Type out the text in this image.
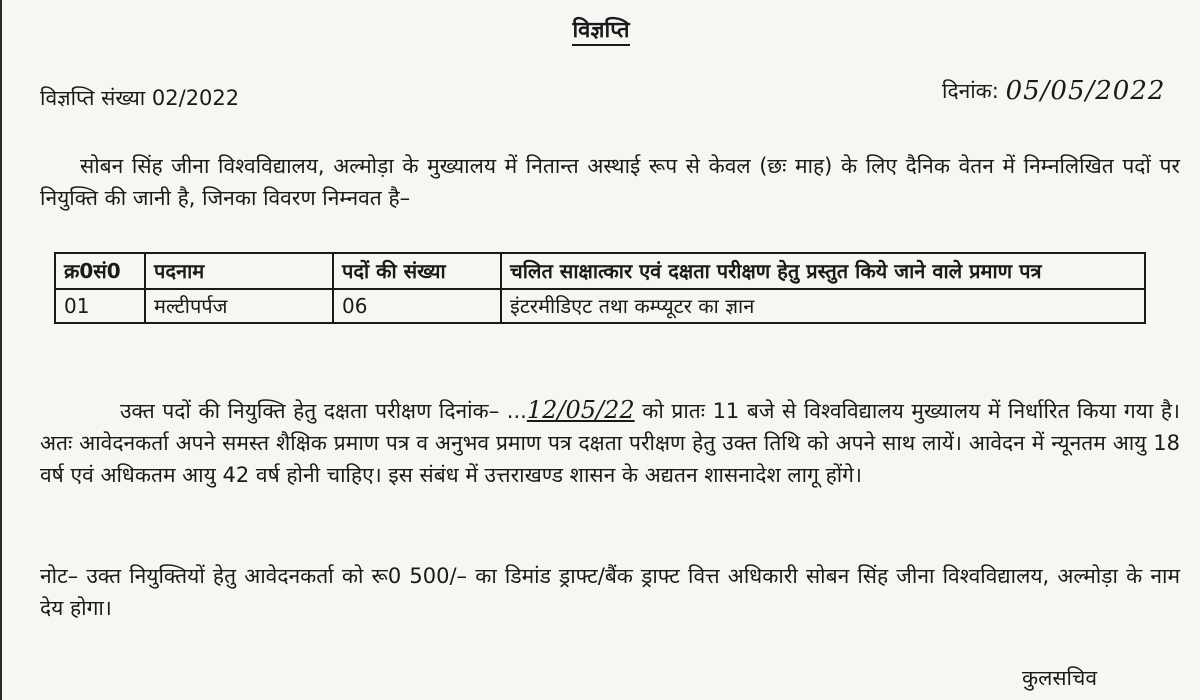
विज्ञप्ति
विज्ञप्ति संख्या 02/2022	दिनांक: 05/05/2022

सोबन सिंह जीना विश्वविद्यालय, अल्मोड़ा के मुख्यालय में नितान्त अस्थाई रूप से केवल (छः माह) के लिए दैनिक वेतन में निम्नलिखित पदों पर नियुक्ति की जानी है, जिनका विवरण निम्नवत है–

क्र0सं0	पदनाम	पदों की संख्या	चलित साक्षात्कार एवं दक्षता परीक्षण हेतु प्रस्तुत किये जाने वाले प्रमाण पत्र
01	मल्टीपर्पज	06	इंटरमीडिएट तथा कम्प्यूटर का ज्ञान

उक्त पदों की नियुक्ति हेतु दक्षता परीक्षण दिनांक– ...12/05/22 को प्रातः 11 बजे से विश्वविद्यालय मुख्यालय में निर्धारित किया गया है। अतः आवेदनकर्ता अपने समस्त शैक्षिक प्रमाण पत्र व अनुभव प्रमाण पत्र दक्षता परीक्षण हेतु उक्त तिथि को अपने साथ लायें। आवेदन में न्यूनतम आयु 18 वर्ष एवं अधिकतम आयु 42 वर्ष होनी चाहिए। इस संबंध में उत्तराखण्ड शासन के अद्यतन शासनादेश लागू होंगे।

नोट– उक्त नियुक्तियों हेतु आवेदनकर्ता को रू0 500/– का डिमांड ड्राफ्ट/बैंक ड्राफ्ट वित्त अधिकारी सोबन सिंह जीना विश्वविद्यालय, अल्मोड़ा के नाम देय होगा।

कुलसचिव
